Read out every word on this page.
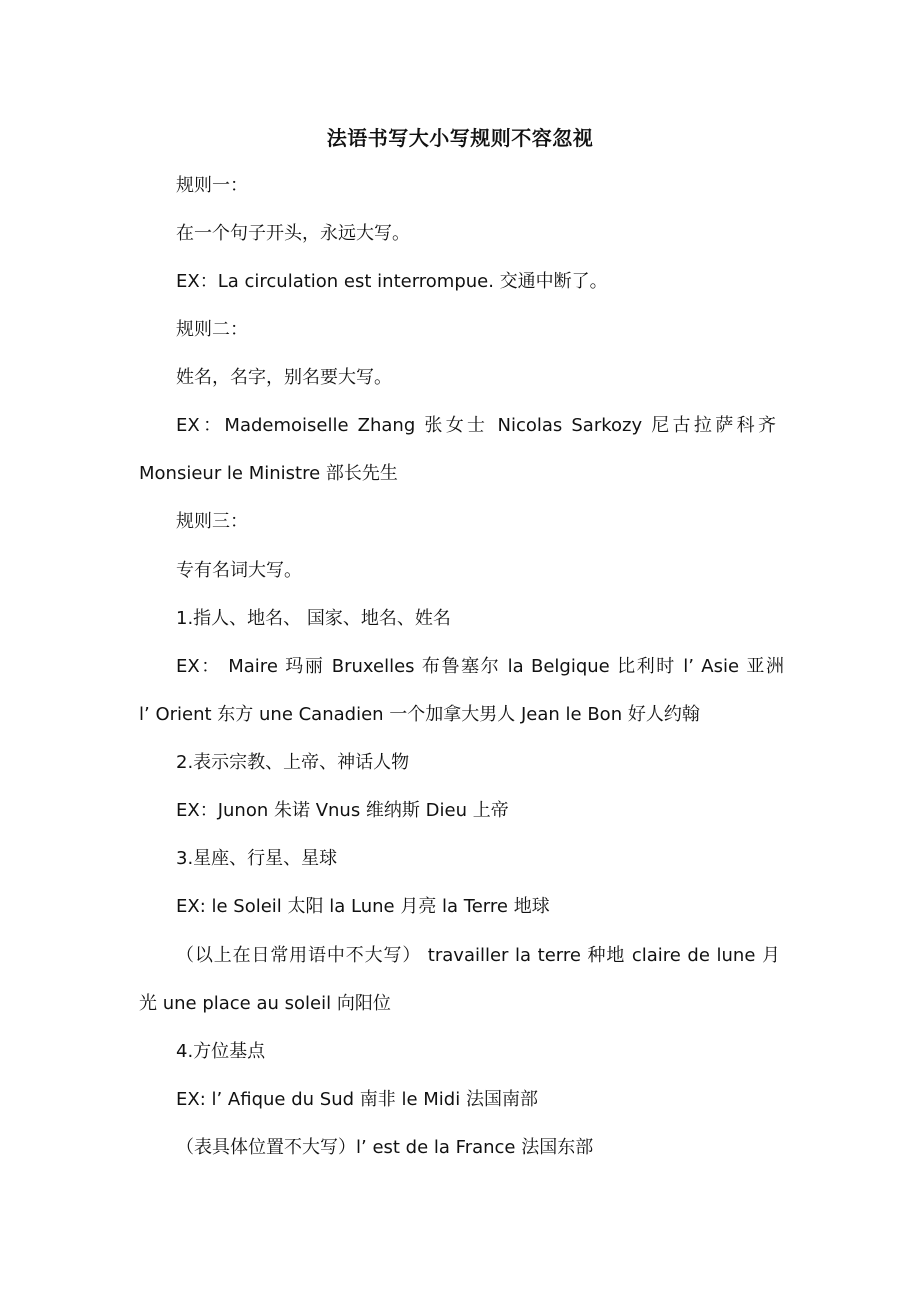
法语书写大小写规则不容忽视
规则一：
在一个句子开头，永远大写。
EX：La circulation est interrompue. 交通中断了。
规则二：
姓名，名字，别名要大写。
EX：Mademoiselle Zhang 张女士 Nicolas Sarkozy 尼古拉萨科齐
Monsieur le Ministre 部长先生
规则三：
专有名词大写。
1.指人、地名、 国家、地名、姓名
EX： Maire 玛丽 Bruxelles 布鲁塞尔 la Belgique 比利时 l’ Asie 亚洲
l’ Orient 东方 une Canadien 一个加拿大男人 Jean le Bon 好人约翰
2.表示宗教、上帝、神话人物
EX：Junon 朱诺 Vnus 维纳斯 Dieu 上帝
3.星座、行星、星球
EX: le Soleil 太阳 la Lune 月亮 la Terre 地球
（以上在日常用语中不大写） travailler la terre 种地 claire de lune 月
光 une place au soleil 向阳位
4.方位基点
EX: l’ Afique du Sud 南非 le Midi 法国南部
（表具体位置不大写）l’ est de la France 法国东部
